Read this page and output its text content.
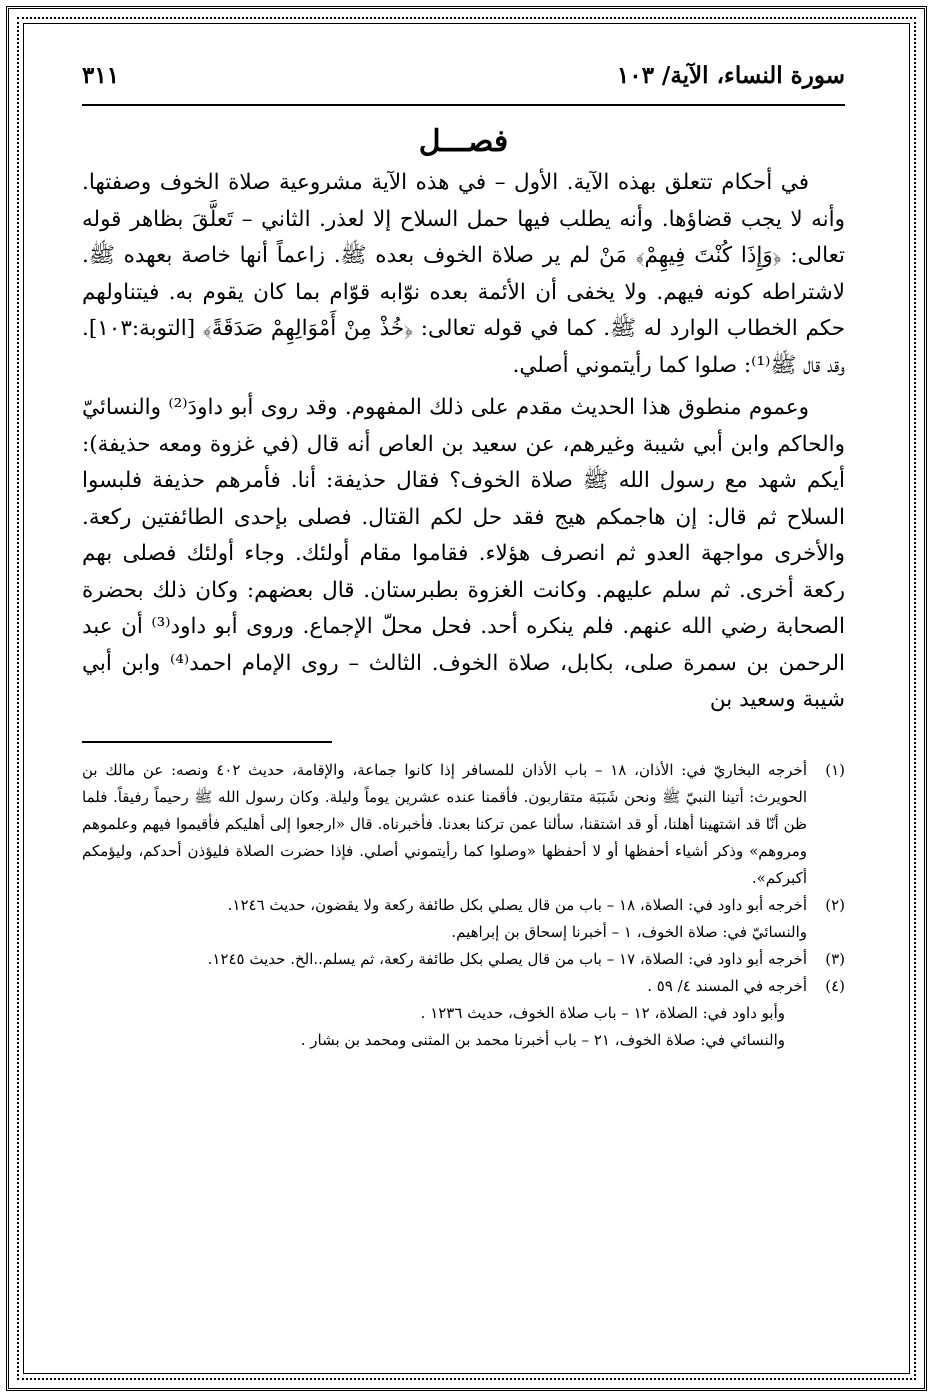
سورة النساء، الآية/ ١٠٣
٣١١
فصـــل

في أحكام تتعلق بهذه الآية. الأول – في هذه الآية مشروعية صلاة الخوف وصفتها. وأنه لا يجب قضاؤها. وأنه يطلب فيها حمل السلاح إلا لعذر. الثاني – تَعلَّقَ بظاهر قوله تعالى: ﴿وَإِذَا كُنْتَ فِيهِمْ﴾ مَنْ لم ير صلاة الخوف بعده ﷺ. زاعماً أنها خاصة بعهده ﷺ. لاشتراطه كونه فيهم. ولا يخفى أن الأئمة بعده نوّابه قوّام بما كان يقوم به. فيتناولهم حكم الخطاب الوارد له ﷺ. كما في قوله تعالى: ﴿خُذْ مِنْ أَمْوَالِهِمْ صَدَقَةً﴾ [التوبة:١٠٣]. وقد قال ﷺ⁽¹⁾: صلوا كما رأيتموني أصلي.

وعموم منطوق هذا الحديث مقدم على ذلك المفهوم. وقد روى أبو داودَ⁽²⁾ والنسائيّ والحاكم وابن أبي شيبة وغيرهم، عن سعيد بن العاص أنه قال (في غزوة ومعه حذيفة): أيكم شهد مع رسول الله ﷺ صلاة الخوف؟ فقال حذيفة: أنا. فأمرهم حذيفة فلبسوا السلاح ثم قال: إن هاجمكم هيج فقد حل لكم القتال. فصلى بإحدى الطائفتين ركعة. والأخرى مواجهة العدو ثم انصرف هؤلاء. فقاموا مقام أولئك. وجاء أولئك فصلى بهم ركعة أخرى. ثم سلم عليهم. وكانت الغزوة بطبرستان. قال بعضهم: وكان ذلك بحضرة الصحابة رضي الله عنهم. فلم ينكره أحد. فحل محلّ الإجماع. وروى أبو داود⁽³⁾ أن عبد الرحمن بن سمرة صلى، بكابل، صلاة الخوف. الثالث – روى الإمام احمد⁽⁴⁾ وابن أبي شيبة وسعيد بن

(١)
أخرجه البخاريّ في: الأذان، ١٨ – باب الأذان للمسافر إذا كانوا جماعة، والإقامة، حديث ٤٠٢ ونصه: عن مالك بن الحويرث: أتينا النبيّ ﷺ ونحن شَبَبَة متقاربون. فأقمنا عنده عشرين يوماً وليلة. وكان رسول الله ﷺ رحيماً رفيقاً. فلما ظن أنّا قد اشتهينا أهلنا، أو قد اشتقنا، سألنا عمن تركنا بعدنا. فأخبرناه. قال «ارجعوا إلى أهليكم فأقيموا فيهم وعلموهم ومروهم» وذكر أشياء أحفظها أو لا أحفظها «وصلوا كما رأيتموني أصلي. فإذا حضرت الصلاة فليؤذن أحدكم، وليؤمكم أكبركم».
(٢)
أخرجه أبو داود في: الصلاة، ١٨ – باب من قال يصلي بكل طائفة ركعة ولا يقضون، حديث ١٢٤٦.

والنسائيّ في: صلاة الخوف، ١ – أخبرنا إسحاق بن إبراهيم.

(٣)
أخرجه أبو داود في: الصلاة، ١٧ – باب من قال يصلي بكل طائفة ركعة، ثم يسلم..الخ. حديث ١٢٤٥.
(٤)
أخرجه في المسند ٤/ ٥٩ .

وأبو داود في: الصلاة، ١٢ – باب صلاة الخوف، حديث ١٢٣٦ .

والنسائي في: صلاة الخوف، ٢١ – باب أخبرنا محمد بن المثنى ومحمد بن بشار .
